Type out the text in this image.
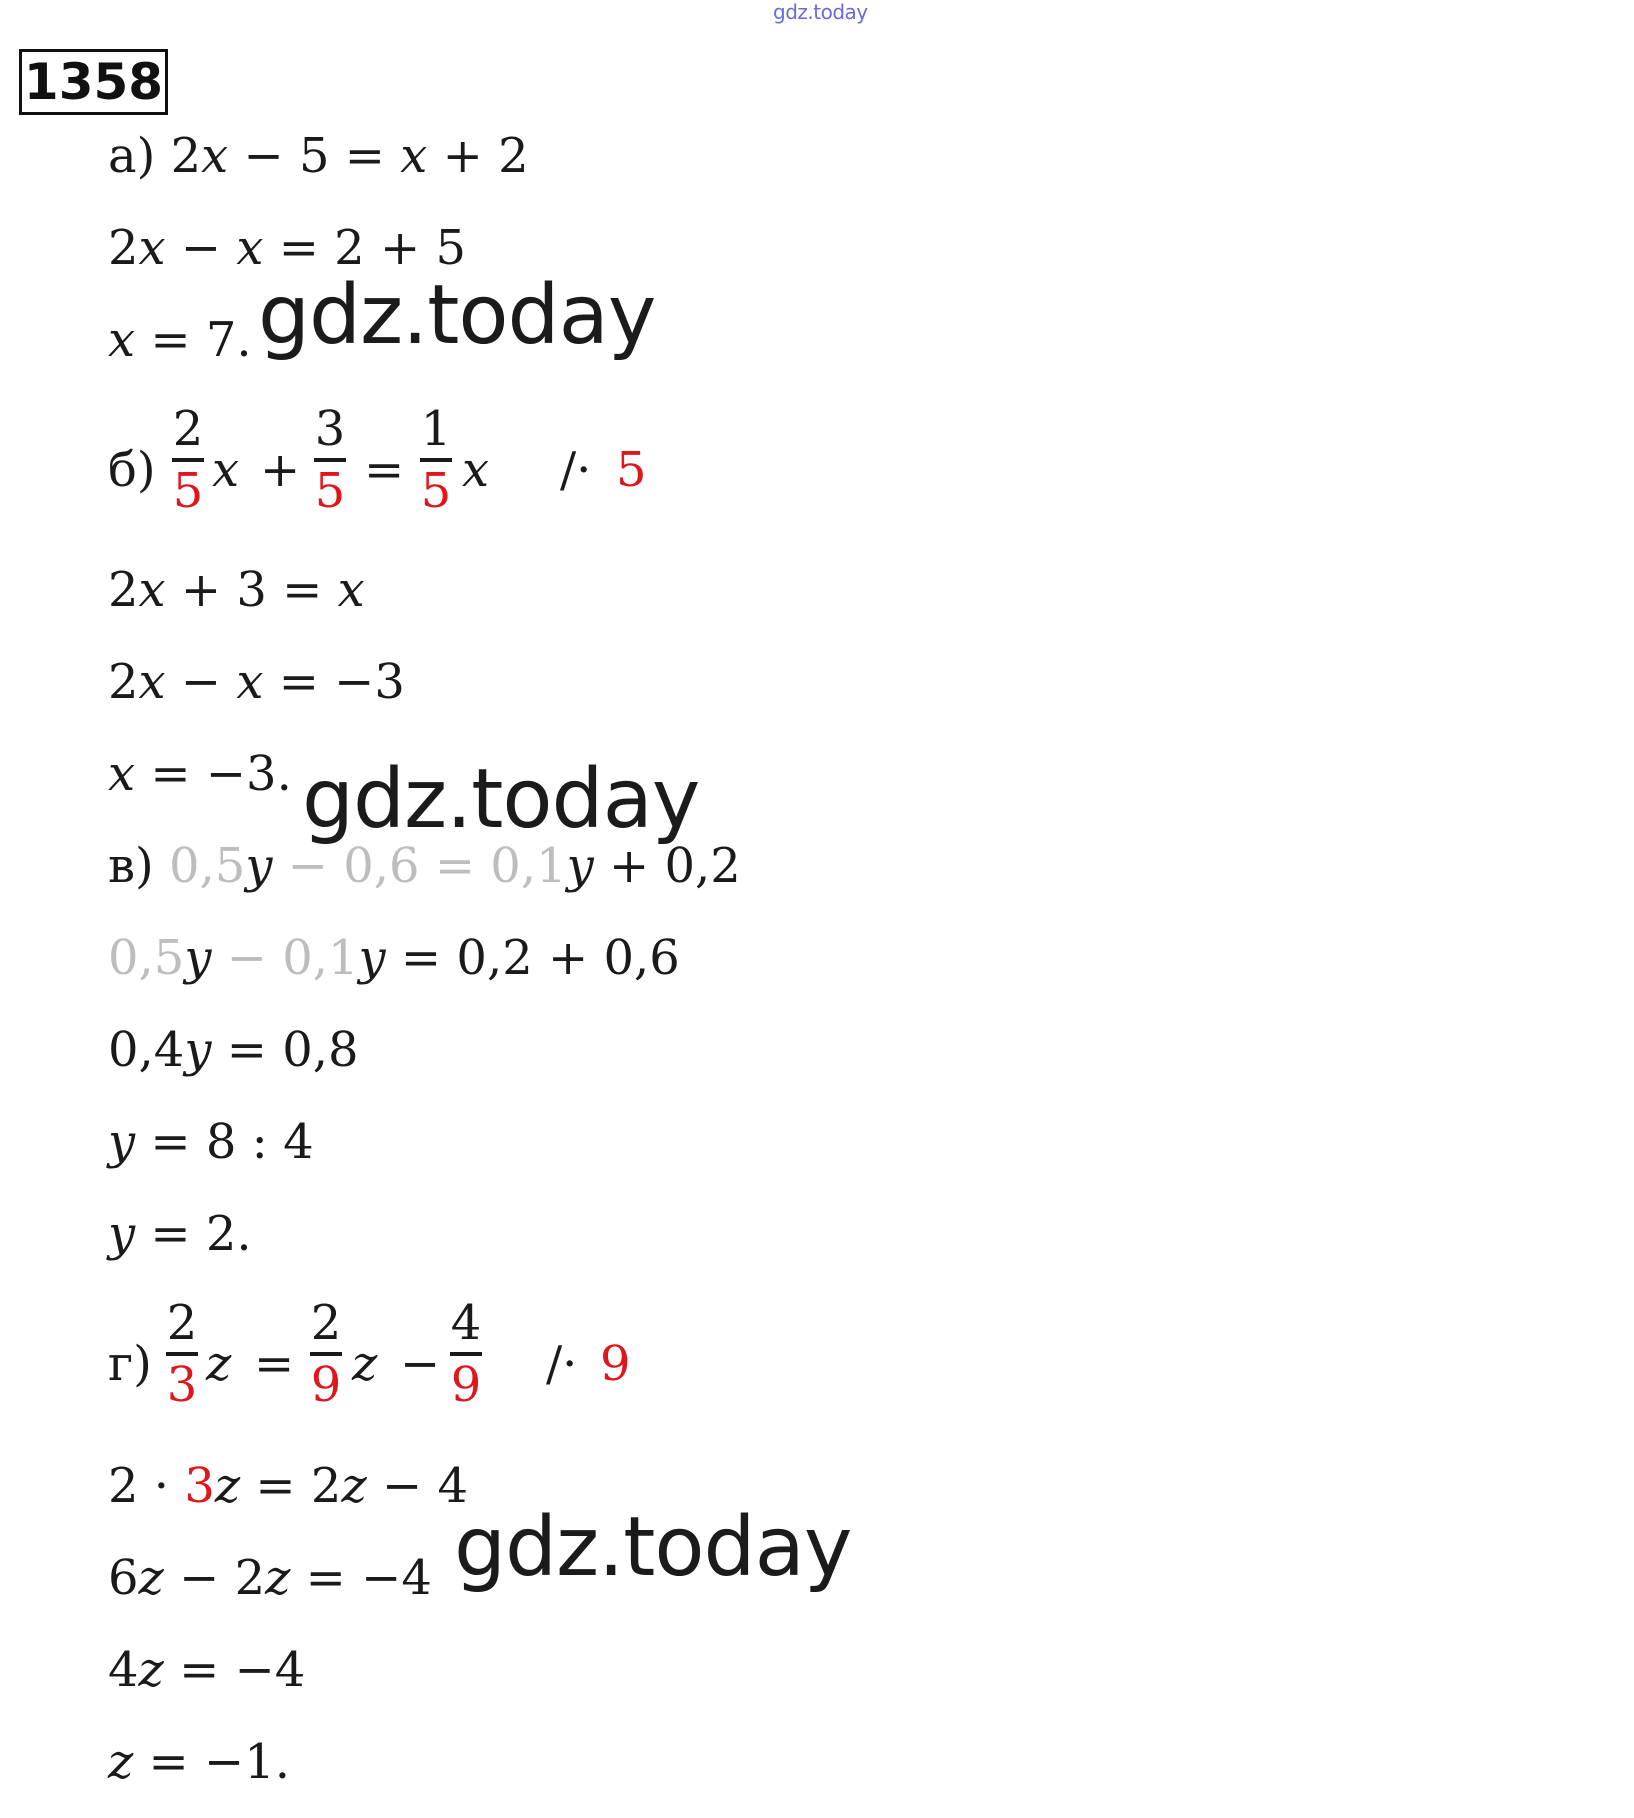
gdz.today
1358
а) 2x − 5 = x + 2
2x − x = 2 + 5
x = 7. gdz.today
б)
2
5 x +
3
5 =
1
5 x /· 5
2x + 3 = x
2x − x = −3
x = −3. gdz.today
в) 0,5y − 0,6 = 0,1y + 0,2
0,5y − 0,1y = 0,2 + 0,6
0,4y = 0,8
y = 8 : 4
y = 2.
г)
2
3 z =
2
9 z −
4
9 /· 9
2 · 3z = 2z − 4
6z − 2z = −4 gdz.today
4z = −4
z = −1.
